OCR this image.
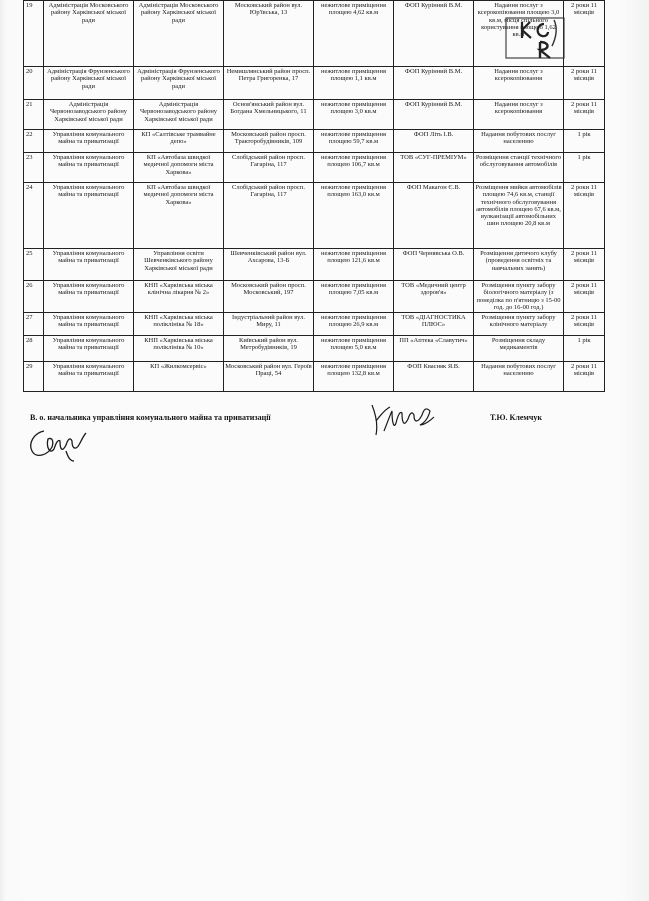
19	Адміністрація Московського району Харківської міської ради	Адміністрація Московського району Харківської міської ради	Московський район вул. Юр'ївська, 13	нежитлове приміщення площею 4,62 кв.м	ФОП Курінний В.М.	Надання послуг з ксерокопіювання площею 3,0 кв.м, місця спільного користування площею 1,62 кв.м	2 роки 11 місяців
20	Адміністрація Фрунзенського району Харківської міської ради	Адміністрація Фрунзенського району Харківської міської ради	Немишлянський район просп. Петра Григоренка, 17	нежитлове приміщення площею 1,1 кв.м	ФОП Курінний В.М.	Надання послуг з ксерокопіювання	2 роки 11 місяців
21	Адміністрація Червонозаводського району Харківської міської ради	Адміністрація Червонозаводського району Харківської міської ради	Основ'янський район вул. Богдана Хмельницького, 11	нежитлове приміщення площею 3,0 кв.м	ФОП Курінний В.М.	Надання послуг з ксерокопіювання	2 роки 11 місяців
22	Управління комунального майна та приватизації	КП «Салтівське трамвайне депо»	Московський район просп. Тракторобудівників, 109	нежитлове приміщення площею 59,7 кв.м	ФОП Літь І.В.	Надання побутових послуг населенню	1 рік
23	Управління комунального майна та приватизації	КП «Автобаза швидкої медичної допомоги міста Харкова»	Слобідський район просп. Гагаріна, 117	нежитлове приміщення площею 106,7 кв.м	ТОВ «СУГ-ПРЕМІУМ»	Розміщення станції технічного обслуговування автомобілів	1 рік
24	Управління комунального майна та приватизації	КП «Автобаза швидкої медичної допомоги міста Харкова»	Слобідський район просп. Гагаріна, 117	нежитлове приміщення площею 163,0 кв.м	ФОП Макагон Є.В.	Розміщення мийки автомобілів площею 74,6 кв.м, станції технічного обслуговування автомобілів площею 67,6 кв.м, вулканізації автомобільних шин площею 20,8 кв.м	2 роки 11 місяців
25	Управління комунального майна та приватизації	Управління освіти Шевченківського району Харківської міської ради	Шевченківський район вул. Ахсарова, 13-Б	нежитлове приміщення площею 121,6 кв.м	ФОП Чернявська О.В.	Розміщення дитячого клубу (проведення освітніх та навчальних занять)	2 роки 11 місяців
26	Управління комунального майна та приватизації	КНП «Харківська міська клінічна лікарня № 2»	Московський район просп. Московський, 197	нежитлове приміщення площею 7,05 кв.м	ТОВ «Медичний центр здоров'я»	Розміщення пункту забору біологічного матеріалу (з понеділка по п'ятницю з 15-00 год. до 16-00 год.)	2 роки 11 місяців
27	Управління комунального майна та приватизації	КНП «Харківська міська поліклініка № 18»	Індустріальний район вул. Миру, 11	нежитлове приміщення площею 26,9 кв.м	ТОВ «ДІАГНОСТИКА ПЛЮС»	Розміщення пункту забору клінічного матеріалу	2 роки 11 місяців
28	Управління комунального майна та приватизації	КНП «Харківська міська поліклініка № 10»	Київський район вул. Метробудівників, 19	нежитлове приміщення площею 5,0 кв.м	ПП «Аптека «Славутич»	Розміщення складу медикаментів	1 рік
29	Управління комунального майна та приватизації	КП «Жилкомсервіс»	Московський район вул. Героїв Праці, 54	нежитлове приміщення площею 132,8 кв.м	ФОП Квасняк Я.В.	Надання побутових послуг населенню	2 роки 11 місяців
В. о. начальника управління комунального майна та приватизації	Т.Ю. Клемчук
